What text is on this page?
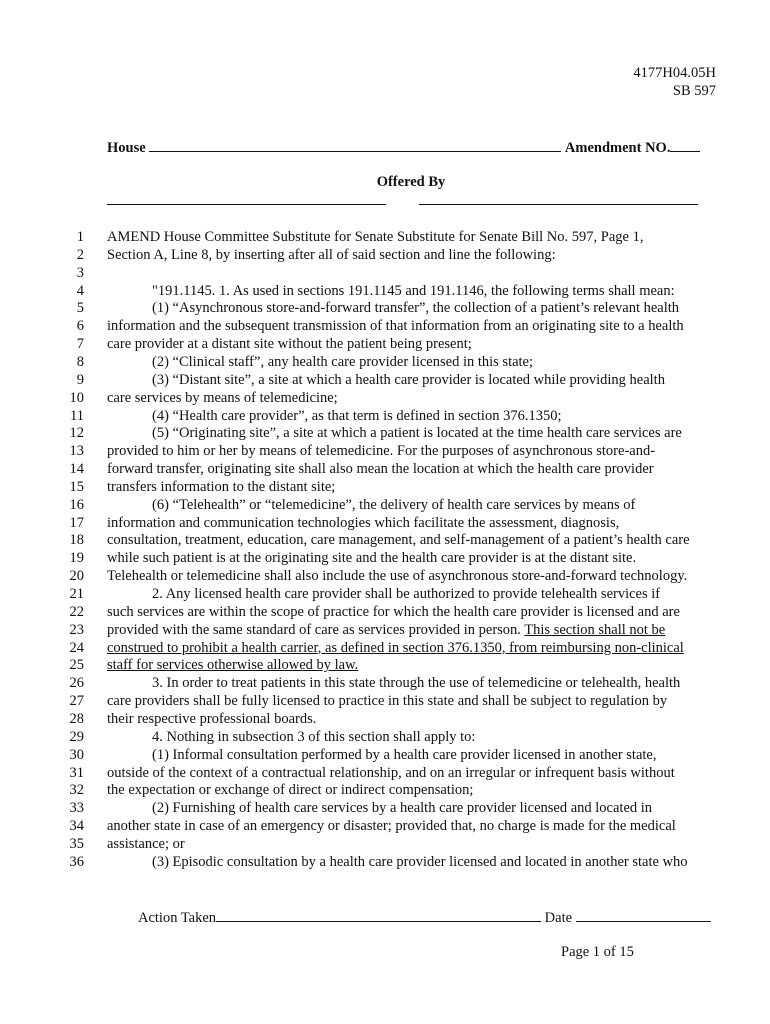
4177H04.05H
SB 597
House	Amendment NO.
Offered By
1 AMEND House Committee Substitute for Senate Substitute for Senate Bill No. 597, Page 1,
2 Section A, Line 8, by inserting after all of said section and line the following:
3
4	"191.1145. 1. As used in sections 191.1145 and 191.1146, the following terms shall mean:
5	(1) “Asynchronous store-and-forward transfer”, the collection of a patient’s relevant health
6 information and the subsequent transmission of that information from an originating site to a health
7 care provider at a distant site without the patient being present;
8	(2) “Clinical staff”, any health care provider licensed in this state;
9	(3) “Distant site”, a site at which a health care provider is located while providing health
10 care services by means of telemedicine;
11	(4) “Health care provider”, as that term is defined in section 376.1350;
12	(5) “Originating site”, a site at which a patient is located at the time health care services are
13 provided to him or her by means of telemedicine. For the purposes of asynchronous store-and-
14 forward transfer, originating site shall also mean the location at which the health care provider
15 transfers information to the distant site;
16	(6) “Telehealth” or “telemedicine”, the delivery of health care services by means of
17 information and communication technologies which facilitate the assessment, diagnosis,
18 consultation, treatment, education, care management, and self-management of a patient’s health care
19 while such patient is at the originating site and the health care provider is at the distant site.
20 Telehealth or telemedicine shall also include the use of asynchronous store-and-forward technology.
21	2. Any licensed health care provider shall be authorized to provide telehealth services if
22 such services are within the scope of practice for which the health care provider is licensed and are
23 provided with the same standard of care as services provided in person. This section shall not be
24 construed to prohibit a health carrier, as defined in section 376.1350, from reimbursing non-clinical
25 staff for services otherwise allowed by law.
26	3. In order to treat patients in this state through the use of telemedicine or telehealth, health
27 care providers shall be fully licensed to practice in this state and shall be subject to regulation by
28 their respective professional boards.
29	4. Nothing in subsection 3 of this section shall apply to:
30	(1) Informal consultation performed by a health care provider licensed in another state,
31 outside of the context of a contractual relationship, and on an irregular or infrequent basis without
32 the expectation or exchange of direct or indirect compensation;
33	(2) Furnishing of health care services by a health care provider licensed and located in
34 another state in case of an emergency or disaster; provided that, no charge is made for the medical
35 assistance; or
36	(3) Episodic consultation by a health care provider licensed and located in another state who
Action Taken	Date
Page 1 of 15
